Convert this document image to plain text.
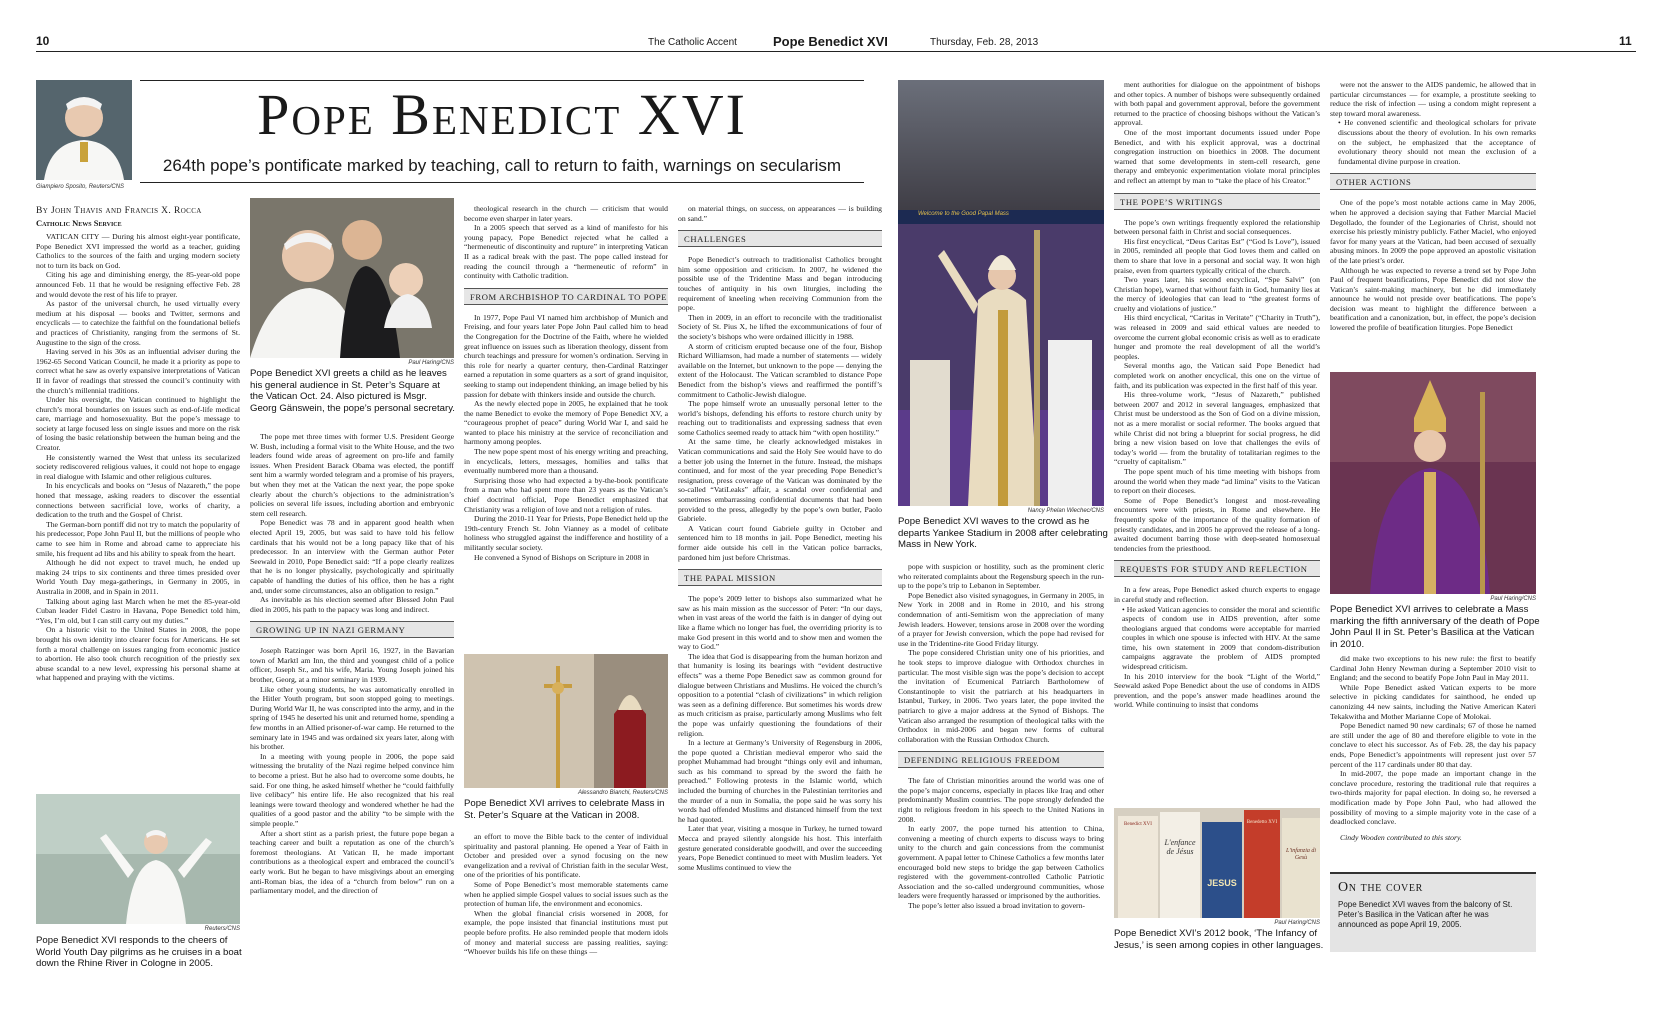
10	The Catholic Accent	Pope Benedict XVI	Thursday, Feb. 28, 2013	11
Giampiero Sposito, Reuters/CNS
Pope Benedict XVI
264th pope’s pontificate marked by teaching, call to return to faith, warnings on secularism
By John Thavis and Francis X. Rocca
Catholic News Service

VATICAN CITY — During his almost eight-year pontificate, Pope Benedict XVI impressed the world as a teacher, guiding Catholics to the sources of the faith and urging modern society not to turn its back on God.

Citing his age and diminishing energy, the 85-year-old pope announced Feb. 11 that he would be resigning effective Feb. 28 and would devote the rest of his life to prayer.

As pastor of the universal church, he used virtually every medium at his disposal — books and Twitter, sermons and encyclicals — to catechize the faithful on the foundational beliefs and practices of Christianity, ranging from the sermons of St. Augustine to the sign of the cross.

Having served in his 30s as an influential adviser during the 1962-65 Second Vatican Council, he made it a priority as pope to correct what he saw as overly expansive interpretations of Vatican II in favor of readings that stressed the council’s continuity with the church’s millennial traditions.

Under his oversight, the Vatican continued to highlight the church’s moral boundaries on issues such as end-of-life medical care, marriage and homosexuality. But the pope’s message to society at large focused less on single issues and more on the risk of losing the basic relationship between the human being and the Creator.

He consistently warned the West that unless its secularized society rediscovered religious values, it could not hope to engage in real dialogue with Islamic and other religious cultures.

In his encyclicals and books on “Jesus of Nazareth,” the pope honed that message, asking readers to discover the essential connections between sacrificial love, works of charity, a dedication to the truth and the Gospel of Christ.

The German-born pontiff did not try to match the popularity of his predecessor, Pope John Paul II, but the millions of people who came to see him in Rome and abroad came to appreciate his smile, his frequent ad libs and his ability to speak from the heart.

Although he did not expect to travel much, he ended up making 24 trips to six continents and three times presided over World Youth Day mega-gatherings, in Germany in 2005, in Australia in 2008, and in Spain in 2011.

Talking about aging last March when he met the 85-year-old Cuban leader Fidel Castro in Havana, Pope Benedict told him, “Yes, I’m old, but I can still carry out my duties.”

On a historic visit to the United States in 2008, the pope brought his own identity into clearer focus for Americans. He set forth a moral challenge on issues ranging from economic justice to abortion. He also took church recognition of the priestly sex abuse scandal to a new level, expressing his personal shame at what happened and praying with the victims.

Reuters/CNS
Pope Benedict XVI responds to the cheers of World Youth Day pilgrims as he cruises in a boat down the Rhine River in Cologne in 2005.
Paul Haring/CNS
Pope Benedict XVI greets a child as he leaves his general audience in St. Peter’s Square at the Vatican Oct. 24. Also pictured is Msgr. Georg Gänswein, the pope’s personal secretary.

The pope met three times with former U.S. President George W. Bush, including a formal visit to the White House, and the two leaders found wide areas of agreement on pro-life and family issues. When President Barack Obama was elected, the pontiff sent him a warmly worded telegram and a promise of his prayers, but when they met at the Vatican the next year, the pope spoke clearly about the church’s objections to the administration’s policies on several life issues, including abortion and embryonic stem cell research.

Pope Benedict was 78 and in apparent good health when elected April 19, 2005, but was said to have told his fellow cardinals that his would not be a long papacy like that of his predecessor. In an interview with the German author Peter Seewald in 2010, Pope Benedict said: “If a pope clearly realizes that he is no longer physically, psychologically and spiritually capable of handling the duties of his office, then he has a right and, under some circumstances, also an obligation to resign.”

As inevitable as his election seemed after Blessed John Paul died in 2005, his path to the papacy was long and indirect.

GROWING UP IN NAZI GERMANY

Joseph Ratzinger was born April 16, 1927, in the Bavarian town of Marktl am Inn, the third and youngest child of a police officer, Joseph Sr., and his wife, Maria. Young Joseph joined his brother, Georg, at a minor seminary in 1939.

Like other young students, he was automatically enrolled in the Hitler Youth program, but soon stopped going to meetings. During World War II, he was conscripted into the army, and in the spring of 1945 he deserted his unit and returned home, spending a few months in an Allied prisoner-of-war camp. He returned to the seminary late in 1945 and was ordained six years later, along with his brother.

In a meeting with young people in 2006, the pope said witnessing the brutality of the Nazi regime helped convince him to become a priest. But he also had to overcome some doubts, he said. For one thing, he asked himself whether he “could faithfully live celibacy” his entire life. He also recognized that his real leanings were toward theology and wondered whether he had the qualities of a good pastor and the ability “to be simple with the simple people.”

After a short stint as a parish priest, the future pope began a teaching career and built a reputation as one of the church’s foremost theologians. At Vatican II, he made important contributions as a theological expert and embraced the council’s early work. But he began to have misgivings about an emerging anti-Roman bias, the idea of a “church from below” run on a parliamentary model, and the direction of

theological research in the church — criticism that would become even sharper in later years.

In a 2005 speech that served as a kind of manifesto for his young papacy, Pope Benedict rejected what he called a “hermeneutic of discontinuity and rupture” in interpreting Vatican II as a radical break with the past. The pope called instead for reading the council through a “hermeneutic of reform” in continuity with Catholic tradition.

FROM ARCHBISHOP TO CARDINAL TO POPE

In 1977, Pope Paul VI named him archbishop of Munich and Freising, and four years later Pope John Paul called him to head the Congregation for the Doctrine of the Faith, where he wielded great influence on issues such as liberation theology, dissent from church teachings and pressure for women’s ordination. Serving in this role for nearly a quarter century, then-Cardinal Ratzinger earned a reputation in some quarters as a sort of grand inquisitor, seeking to stamp out independent thinking, an image belied by his passion for debate with thinkers inside and outside the church.

As the newly elected pope in 2005, he explained that he took the name Benedict to evoke the memory of Pope Benedict XV, a “courageous prophet of peace” during World War I, and said he wanted to place his ministry at the service of reconciliation and harmony among peoples.

The new pope spent most of his energy writing and preaching, in encyclicals, letters, messages, homilies and talks that eventually numbered more than a thousand.

Surprising those who had expected a by-the-book pontificate from a man who had spent more than 23 years as the Vatican’s chief doctrinal official, Pope Benedict emphasized that Christianity was a religion of love and not a religion of rules.

During the 2010-11 Year for Priests, Pope Benedict held up the 19th-century French St. John Vianney as a model of celibate holiness who struggled against the indifference and hostility of a militantly secular society.

He convened a Synod of Bishops on Scripture in 2008 in

Alessandro Bianchi, Reuters/CNS
Pope Benedict XVI arrives to celebrate Mass in St. Peter’s Square at the Vatican in 2008.

an effort to move the Bible back to the center of individual spirituality and pastoral planning. He opened a Year of Faith in October and presided over a synod focusing on the new evangelization and a revival of Christian faith in the secular West, one of the priorities of his pontificate.

Some of Pope Benedict’s most memorable statements came when he applied simple Gospel values to social issues such as the protection of human life, the environment and economics.

When the global financial crisis worsened in 2008, for example, the pope insisted that financial institutions must put people before profits. He also reminded people that modern idols of money and material success are passing realities, saying: “Whoever builds his life on these things —

on material things, on success, on appearances — is building on sand.”

CHALLENGES

Pope Benedict’s outreach to traditionalist Catholics brought him some opposition and criticism. In 2007, he widened the possible use of the Tridentine Mass and began introducing touches of antiquity in his own liturgies, including the requirement of kneeling when receiving Communion from the pope.

Then in 2009, in an effort to reconcile with the traditionalist Society of St. Pius X, he lifted the excommunications of four of the society’s bishops who were ordained illicitly in 1988.

A storm of criticism erupted because one of the four, Bishop Richard Williamson, had made a number of statements — widely available on the Internet, but unknown to the pope — denying the extent of the Holocaust. The Vatican scrambled to distance Pope Benedict from the bishop’s views and reaffirmed the pontiff’s commitment to Catholic-Jewish dialogue.

The pope himself wrote an unusually personal letter to the world’s bishops, defending his efforts to restore church unity by reaching out to traditionalists and expressing sadness that even some Catholics seemed ready to attack him “with open hostility.”

At the same time, he clearly acknowledged mistakes in Vatican communications and said the Holy See would have to do a better job using the Internet in the future. Instead, the mishaps continued, and for most of the year preceding Pope Benedict’s resignation, press coverage of the Vatican was dominated by the so-called “VatiLeaks” affair, a scandal over confidential and sometimes embarrassing confidential documents that had been provided to the press, allegedly by the pope’s own butler, Paolo Gabriele.

A Vatican court found Gabriele guilty in October and sentenced him to 18 months in jail. Pope Benedict, meeting his former aide outside his cell in the Vatican police barracks, pardoned him just before Christmas.

THE PAPAL MISSION

The pope’s 2009 letter to bishops also summarized what he saw as his main mission as the successor of Peter: “In our days, when in vast areas of the world the faith is in danger of dying out like a flame which no longer has fuel, the overriding priority is to make God present in this world and to show men and women the way to God.”

The idea that God is disappearing from the human horizon and that humanity is losing its bearings with “evident destructive effects” was a theme Pope Benedict saw as common ground for dialogue between Christians and Muslims. He voiced the church’s opposition to a potential “clash of civilizations” in which religion was seen as a defining difference. But sometimes his words drew as much criticism as praise, particularly among Muslims who felt the pope was unfairly questioning the foundations of their religion.

In a lecture at Germany’s University of Regensburg in 2006, the pope quoted a Christian medieval emperor who said the prophet Muhammad had brought “things only evil and inhuman, such as his command to spread by the sword the faith he preached.” Following protests in the Islamic world, which included the burning of churches in the Palestinian territories and the murder of a nun in Somalia, the pope said he was sorry his words had offended Muslims and distanced himself from the text he had quoted.

Later that year, visiting a mosque in Turkey, he turned toward Mecca and prayed silently alongside his host. This interfaith gesture generated considerable goodwill, and over the succeeding years, Pope Benedict continued to meet with Muslim leaders. Yet some Muslims continued to view the

Welcome to the Good Papal Mass
Nancy Phelan Wiechec/CNS
Pope Benedict XVI waves to the crowd as he departs Yankee Stadium in 2008 after celebrating Mass in New York.

pope with suspicion or hostility, such as the prominent cleric who reiterated complaints about the Regensburg speech in the run-up to the pope’s trip to Lebanon in September.

Pope Benedict also visited synagogues, in Germany in 2005, in New York in 2008 and in Rome in 2010, and his strong condemnation of anti-Semitism won the appreciation of many Jewish leaders. However, tensions arose in 2008 over the wording of a prayer for Jewish conversion, which the pope had revised for use in the Tridentine-rite Good Friday liturgy.

The pope considered Christian unity one of his priorities, and he took steps to improve dialogue with Orthodox churches in particular. The most visible sign was the pope’s decision to accept the invitation of Ecumenical Patriarch Bartholomew of Constantinople to visit the patriarch at his headquarters in Istanbul, Turkey, in 2006. Two years later, the pope invited the patriarch to give a major address at the Synod of Bishops. The Vatican also arranged the resumption of theological talks with the Orthodox in mid-2006 and began new forms of cultural collaboration with the Russian Orthodox Church.

DEFENDING RELIGIOUS FREEDOM

The fate of Christian minorities around the world was one of the pope’s major concerns, especially in places like Iraq and other predominantly Muslim countries. The pope strongly defended the right to religious freedom in his speech to the United Nations in 2008.

In early 2007, the pope turned his attention to China, convening a meeting of church experts to discuss ways to bring unity to the church and gain concessions from the communist government. A papal letter to Chinese Catholics a few months later encouraged bold new steps to bridge the gap between Catholics registered with the government-controlled Catholic Patriotic Association and the so-called underground communities, whose leaders were frequently harassed or imprisoned by the authorities.

The pope’s letter also issued a broad invitation to govern-

ment authorities for dialogue on the appointment of bishops and other topics. A number of bishops were subsequently ordained with both papal and government approval, before the government returned to the practice of choosing bishops without the Vatican’s approval.

One of the most important documents issued under Pope Benedict, and with his explicit approval, was a doctrinal congregation instruction on bioethics in 2008. The document warned that some developments in stem-cell research, gene therapy and embryonic experimentation violate moral principles and reflect an attempt by man to “take the place of his Creator.”

THE POPE’S WRITINGS

The pope’s own writings frequently explored the relationship between personal faith in Christ and social consequences.

His first encyclical, “Deus Caritas Est” (“God Is Love”), issued in 2005, reminded all people that God loves them and called on them to share that love in a personal and social way. It won high praise, even from quarters typically critical of the church.

Two years later, his second encyclical, “Spe Salvi” (on Christian hope), warned that without faith in God, humanity lies at the mercy of ideologies that can lead to “the greatest forms of cruelty and violations of justice.”

His third encyclical, “Caritas in Veritate” (“Charity in Truth”), was released in 2009 and said ethical values are needed to overcome the current global economic crisis as well as to eradicate hunger and promote the real development of all the world’s peoples.

Several months ago, the Vatican said Pope Benedict had completed work on another encyclical, this one on the virtue of faith, and its publication was expected in the first half of this year.

His three-volume work, “Jesus of Nazareth,” published between 2007 and 2012 in several languages, emphasized that Christ must be understood as the Son of God on a divine mission, not as a mere moralist or social reformer. The books argued that while Christ did not bring a blueprint for social progress, he did bring a new vision based on love that challenges the evils of today’s world — from the brutality of totalitarian regimes to the “cruelty of capitalism.”

The pope spent much of his time meeting with bishops from around the world when they made “ad limina” visits to the Vatican to report on their dioceses.

Some of Pope Benedict’s longest and most-revealing encounters were with priests, in Rome and elsewhere. He frequently spoke of the importance of the quality formation of priestly candidates, and in 2005 he approved the release of a long-awaited document barring those with deep-seated homosexual tendencies from the priesthood.

REQUESTS FOR STUDY AND REFLECTION

In a few areas, Pope Benedict asked church experts to engage in careful study and reflection.

• He asked Vatican agencies to consider the moral and scientific aspects of condom use in AIDS prevention, after some theologians argued that condoms were acceptable for married couples in which one spouse is infected with HIV. At the same time, his own statement in 2009 that condom-distribution campaigns aggravate the problem of AIDS prompted widespread criticism.

In his 2010 interview for the book “Light of the World,” Seewald asked Pope Benedict about the use of condoms in AIDS prevention, and the pope’s answer made headlines around the world. While continuing to insist that condoms

Benedict XVI
L'enfance de Jésus
JESUS
Benedetto XVI
L'infanzia di Gesù
Paul Haring/CNS
Pope Benedict XVI’s 2012 book, ‘The Infancy of Jesus,’ is seen among copies in other languages.

were not the answer to the AIDS pandemic, he allowed that in particular circumstances — for example, a prostitute seeking to reduce the risk of infection — using a condom might represent a step toward moral awareness.

• He convened scientific and theological scholars for private discussions about the theory of evolution. In his own remarks on the subject, he emphasized that the acceptance of evolutionary theory should not mean the exclusion of a fundamental divine purpose in creation.

OTHER ACTIONS

One of the pope’s most notable actions came in May 2006, when he approved a decision saying that Father Marcial Maciel Degollado, the founder of the Legionaries of Christ, should not exercise his priestly ministry publicly. Father Maciel, who enjoyed favor for many years at the Vatican, had been accused of sexually abusing minors. In 2009 the pope approved an apostolic visitation of the late priest’s order.

Although he was expected to reverse a trend set by Pope John Paul of frequent beatifications, Pope Benedict did not slow the Vatican’s saint-making machinery, but he did immediately announce he would not preside over beatifications. The pope’s decision was meant to highlight the difference between a beatification and a canonization, but, in effect, the pope’s decision lowered the profile of beatification liturgies. Pope Benedict

Paul Haring/CNS
Pope Benedict XVI arrives to celebrate a Mass marking the fifth anniversary of the death of Pope John Paul II in St. Peter’s Basilica at the Vatican in 2010.

did make two exceptions to his new rule: the first to beatify Cardinal John Henry Newman during a September 2010 visit to England; and the second to beatify Pope John Paul in May 2011.

While Pope Benedict asked Vatican experts to be more selective in picking candidates for sainthood, he ended up canonizing 44 new saints, including the Native American Kateri Tekakwitha and Mother Marianne Cope of Molokai.

Pope Benedict named 90 new cardinals; 67 of those he named are still under the age of 80 and therefore eligible to vote in the conclave to elect his successor. As of Feb. 28, the day his papacy ends, Pope Benedict’s appointments will represent just over 57 percent of the 117 cardinals under 80 that day.

In mid-2007, the pope made an important change in the conclave procedure, restoring the traditional rule that requires a two-thirds majority for papal election. In doing so, he reversed a modification made by Pope John Paul, who had allowed the possibility of moving to a simple majority vote in the case of a deadlocked conclave.

Cindy Wooden contributed to this story.

On the cover
Pope Benedict XVI waves from the balcony of St. Peter’s Basilica in the Vatican after he was announced as pope April 19, 2005.
